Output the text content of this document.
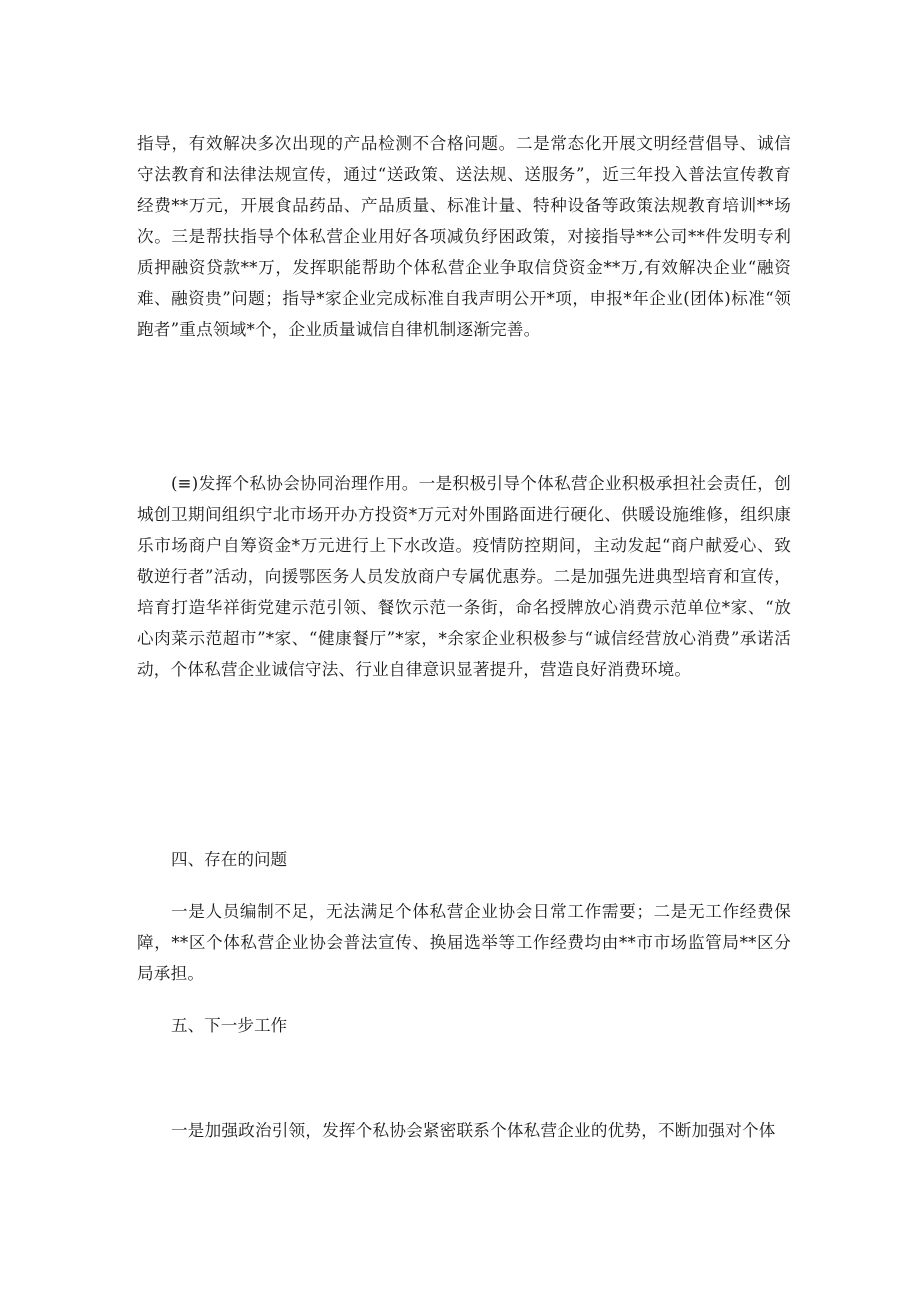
指导，有效解决多次出现的产品检测不合格问题。二是常态化开展文明经营倡导、诚信守法教育和法律法规宣传，通过“送政策、送法规、送服务”，近三年投入普法宣传教育经费**万元，开展食品药品、产品质量、标准计量、特种设备等政策法规教育培训**场次。三是帮扶指导个体私营企业用好各项减负纾困政策，对接指导**公司**件发明专利质押融资贷款**万，发挥职能帮助个体私营企业争取信贷资金**万,有效解决企业“融资难、融资贵”问题；指导*家企业完成标准自我声明公开*项，申报*年企业(团体)标准“领跑者”重点领域*个，企业质量诚信自律机制逐渐完善。

(≡)发挥个私协会协同治理作用。一是积极引导个体私营企业积极承担社会责任，创城创卫期间组织宁北市场开办方投资*万元对外围路面进行硬化、供暖设施维修，组织康乐市场商户自筹资金*万元进行上下水改造。疫情防控期间，主动发起“商户献爱心、致敬逆行者”活动，向援鄂医务人员发放商户专属优惠券。二是加强先进典型培育和宣传，培育打造华祥街党建示范引领、餐饮示范一条街，命名授牌放心消费示范单位*家、“放心肉菜示范超市”*家、“健康餐厅”*家，*余家企业积极参与“诚信经营放心消费”承诺活动，个体私营企业诚信守法、行业自律意识显著提升，营造良好消费环境。

四、存在的问题

一是人员编制不足，无法满足个体私营企业协会日常工作需要；二是无工作经费保障，**区个体私营企业协会普法宣传、换届选举等工作经费均由**市市场监管局**区分局承担。

五、下一步工作

一是加强政治引领，发挥个私协会紧密联系个体私营企业的优势，不断加强对个体
